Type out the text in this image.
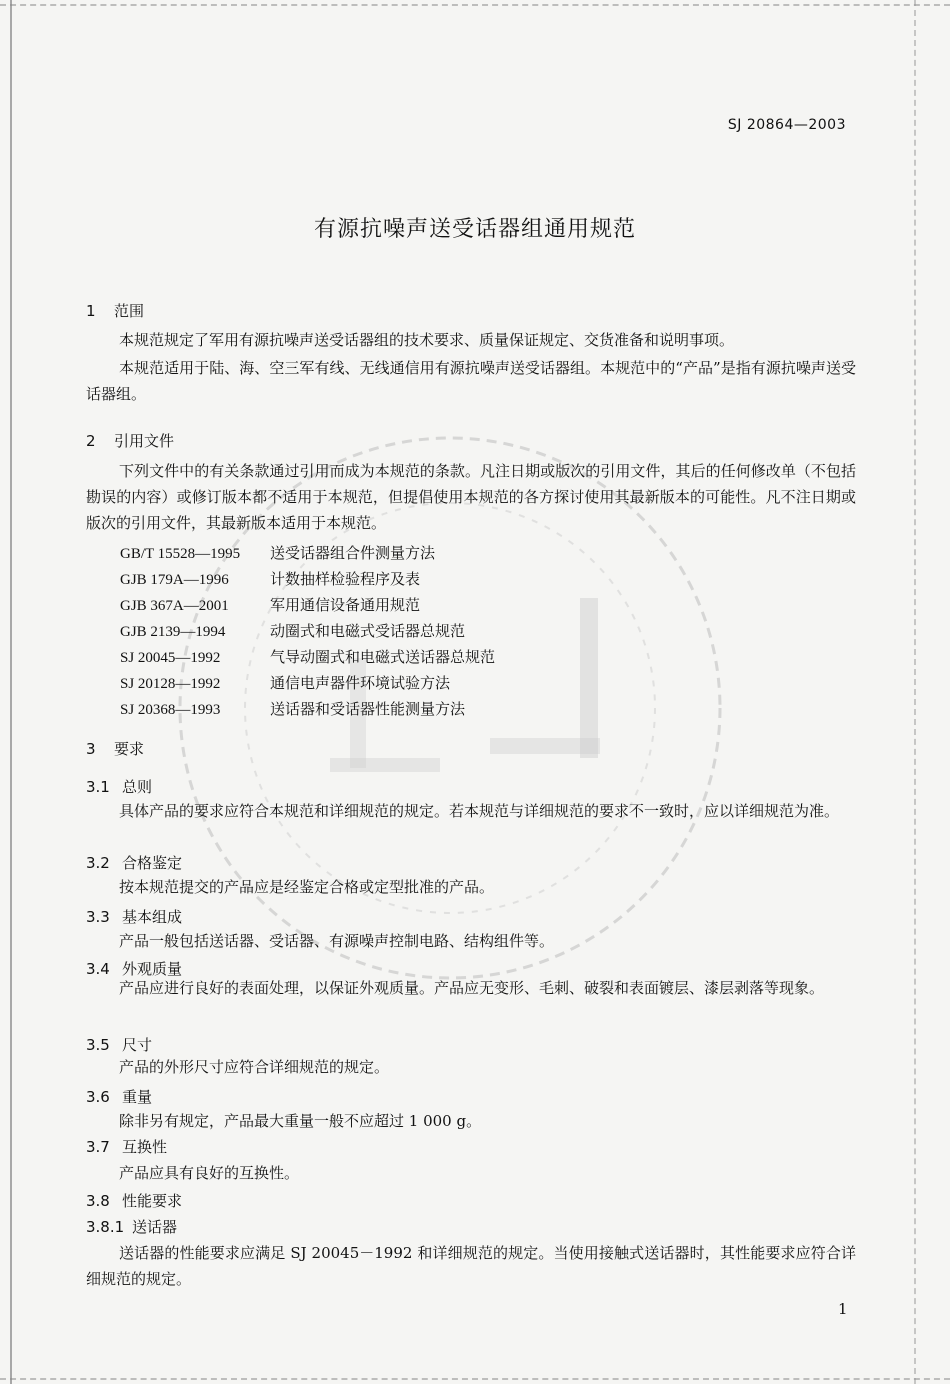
SJ 20864—2003
有源抗噪声送受话器组通用规范
1 范围
本规范规定了军用有源抗噪声送受话器组的技术要求、质量保证规定、交货准备和说明事项。
本规范适用于陆、海、空三军有线、无线通信用有源抗噪声送受话器组。本规范中的“产品”是指有源抗噪声送受话器组。
2 引用文件
下列文件中的有关条款通过引用而成为本规范的条款。凡注日期或版次的引用文件，其后的任何修改单（不包括勘误的内容）或修订版本都不适用于本规范，但提倡使用本规范的各方探讨使用其最新版本的可能性。凡不注日期或版次的引用文件，其最新版本适用于本规范。
GB/T 15528—1995 送受话器组合件测量方法
GJB 179A—1996	计数抽样检验程序及表
GJB 367A—2001	军用通信设备通用规范
GJB 2139—1994	动圈式和电磁式受话器总规范
SJ 20045—1992	气导动圈式和电磁式送话器总规范
SJ 20128—1992	通信电声器件环境试验方法
SJ 20368—1993	送话器和受话器性能测量方法
3 要求
3.1 总则
具体产品的要求应符合本规范和详细规范的规定。若本规范与详细规范的要求不一致时，应以详细规范为准。
3.2 合格鉴定
按本规范提交的产品应是经鉴定合格或定型批准的产品。
3.3 基本组成
产品一般包括送话器、受话器、有源噪声控制电路、结构组件等。
3.4 外观质量
产品应进行良好的表面处理，以保证外观质量。产品应无变形、毛刺、破裂和表面镀层、漆层剥落等现象。
3.5 尺寸
产品的外形尺寸应符合详细规范的规定。
3.6 重量
除非另有规定，产品最大重量一般不应超过 1 000 g。
3.7 互换性
产品应具有良好的互换性。
3.8 性能要求
3.8.1 送话器
送话器的性能要求应满足 SJ 20045－1992 和详细规范的规定。当使用接触式送话器时，其性能要求应符合详细规范的规定。
1
